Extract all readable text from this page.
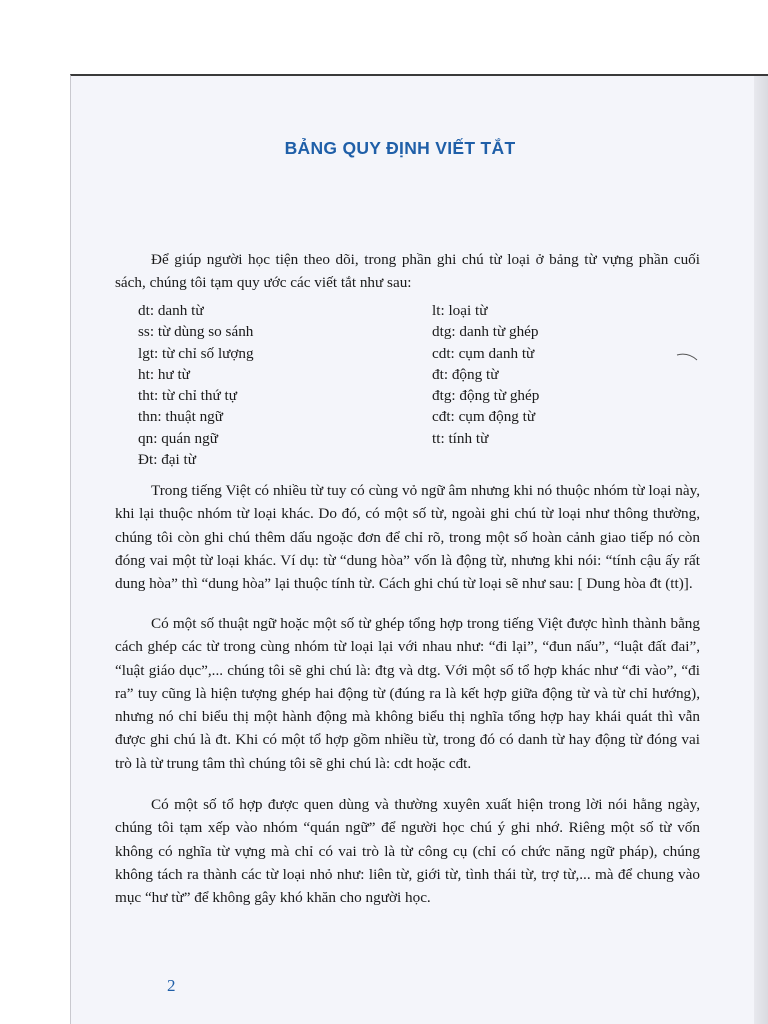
BẢNG QUY ĐỊNH VIẾT TẮT

Để giúp người học tiện theo dõi, trong phần ghi chú từ loại ở bảng từ vựng phần cuối sách, chúng tôi tạm quy ước các viết tắt như sau:

dt: danh từ
ss: từ dùng so sánh
lgt: từ chỉ số lượng
ht: hư từ
tht: từ chỉ thứ tự
thn: thuật ngữ
qn: quán ngữ
Đt: đại từ
lt: loại từ
dtg: danh từ ghép
cdt: cụm danh từ
đt: động từ
đtg: động từ ghép
cđt: cụm động từ
tt: tính từ

Trong tiếng Việt có nhiều từ tuy có cùng vỏ ngữ âm nhưng khi nó thuộc nhóm từ loại này, khi lại thuộc nhóm từ loại khác. Do đó, có một số từ, ngoài ghi chú từ loại như thông thường, chúng tôi còn ghi chú thêm dấu ngoặc đơn để chỉ rõ, trong một số hoàn cảnh giao tiếp nó còn đóng vai một từ loại khác. Ví dụ: từ “dung hòa” vốn là động từ, nhưng khi nói: “tính cậu ấy rất dung hòa” thì “dung hòa” lại thuộc tính từ. Cách ghi chú từ loại sẽ như sau: [ Dung hòa đt (tt)].

Có một số thuật ngữ hoặc một số từ ghép tổng hợp trong tiếng Việt được hình thành bằng cách ghép các từ trong cùng nhóm từ loại lại với nhau như: “đi lại”, “đun nấu”, “luật đất đai”, “luật giáo dục”,... chúng tôi sẽ ghi chú là: đtg và dtg. Với một số tổ hợp khác như “đi vào”, “đi ra” tuy cũng là hiện tượng ghép hai động từ (đúng ra là kết hợp giữa động từ và từ chỉ hướng), nhưng nó chỉ biểu thị một hành động mà không biểu thị nghĩa tổng hợp hay khái quát thì vẫn được ghi chú là đt. Khi có một tổ hợp gồm nhiều từ, trong đó có danh từ hay động từ đóng vai trò là từ trung tâm thì chúng tôi sẽ ghi chú là: cdt hoặc cđt.

Có một số tổ hợp được quen dùng và thường xuyên xuất hiện trong lời nói hằng ngày, chúng tôi tạm xếp vào nhóm “quán ngữ” để người học chú ý ghi nhớ. Riêng một số từ vốn không có nghĩa từ vựng mà chỉ có vai trò là từ công cụ (chỉ có chức năng ngữ pháp), chúng không tách ra thành các từ loại nhỏ như: liên từ, giới từ, tình thái từ, trợ từ,... mà để chung vào mục “hư từ” để không gây khó khăn cho người học.

2
